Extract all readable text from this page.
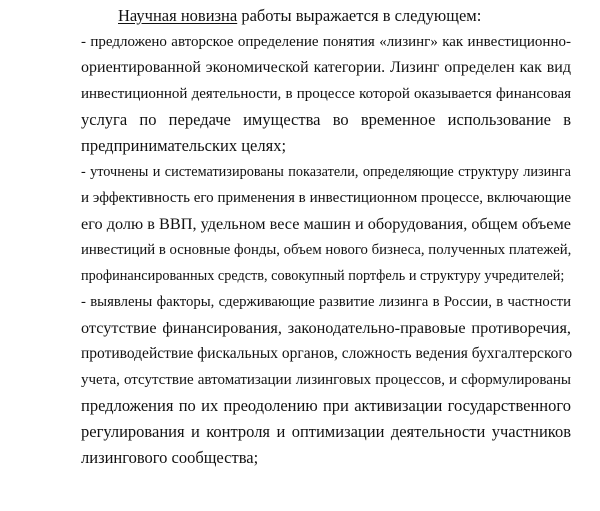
Научная новизна работы выражается в следующем:
- предложено авторское определение понятия «лизинг» как инвестиционно-
ориентированной экономической категории. Лизинг определен как вид
инвестиционной деятельности, в процессе которой оказывается финансовая
услуга по передаче имущества во временное использование в
предпринимательских целях;
- уточнены и систематизированы показатели, определяющие структуру лизинга
и эффективность его применения в инвестиционном процессе, включающие
его долю в ВВП, удельном весе машин и оборудования, общем объеме
инвестиций в основные фонды, объем нового бизнеса, полученных платежей,
профинансированных средств, совокупный портфель и структуру учредителей;
- выявлены факторы, сдерживающие развитие лизинга в России, в частности
отсутствие финансирования, законодательно-правовые противоречия,
противодействие фискальных органов, сложность ведения бухгалтерского
учета, отсутствие автоматизации лизинговых процессов, и сформулированы
предложения по их преодолению при активизации государственного
регулирования и контроля и оптимизации деятельности участников
лизингового сообщества;
